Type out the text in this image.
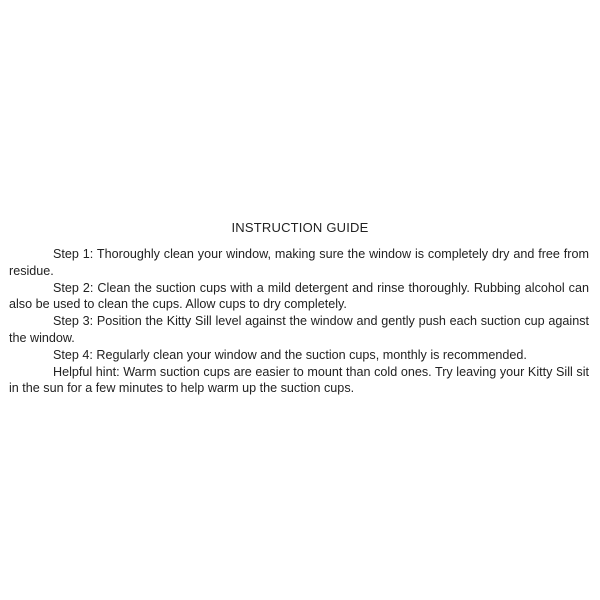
INSTRUCTION GUIDE

Step 1: Thoroughly clean your window, making sure the window is completely dry and free from residue.

Step 2: Clean the suction cups with a mild detergent and rinse thoroughly. Rubbing alcohol can also be used to clean the cups. Allow cups to dry completely.

Step 3: Position the Kitty Sill level against the window and gently push each suction cup against the window.

Step 4: Regularly clean your window and the suction cups, monthly is recommended.

Helpful hint: Warm suction cups are easier to mount than cold ones. Try leaving your Kitty Sill sit in the sun for a few minutes to help warm up the suction cups.
